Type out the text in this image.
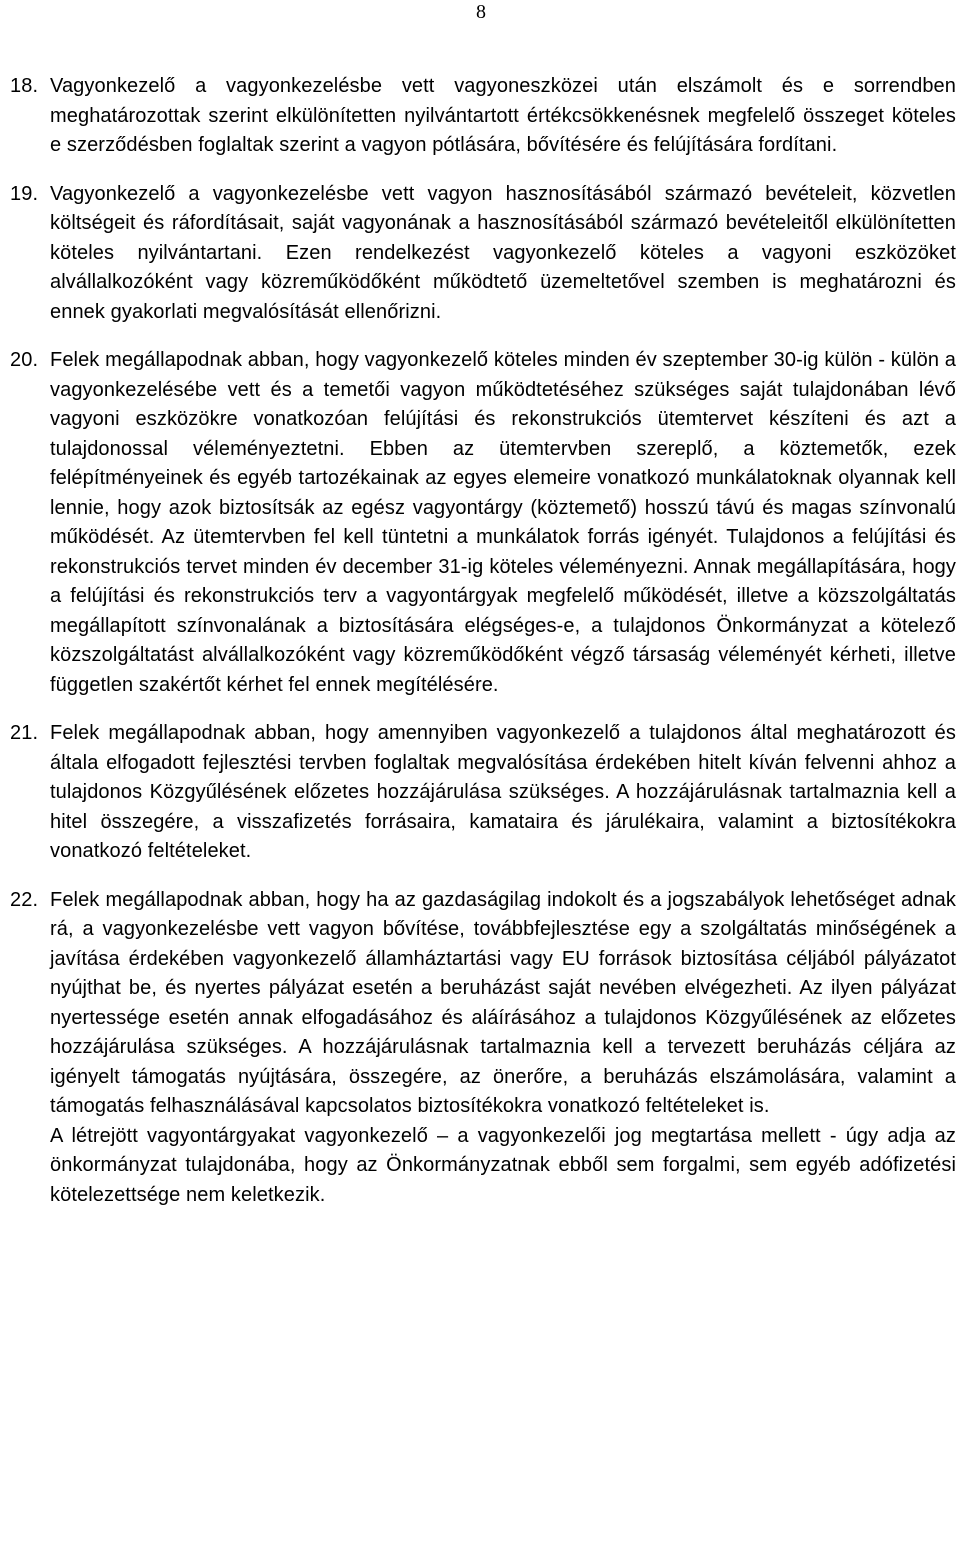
8
18. Vagyonkezelő a vagyonkezelésbe vett vagyoneszközei után elszámolt és e sorrendben meghatározottak szerint elkülönítetten nyilvántartott értékcsökkenésnek megfelelő összeget köteles e szerződésben foglaltak szerint a vagyon pótlására, bővítésére és felújítására fordítani.

19. Vagyonkezelő a vagyonkezelésbe vett vagyon hasznosításából származó bevételeit, közvetlen költségeit és ráfordításait, saját vagyonának a hasznosításából származó bevételeitől elkülönítetten köteles nyilvántartani. Ezen rendelkezést vagyonkezelő köteles a vagyoni eszközöket alvállalkozóként vagy közreműködőként működtető üzemeltetővel szemben is meghatározni és ennek gyakorlati megvalósítását ellenőrizni.

20. Felek megállapodnak abban, hogy vagyonkezelő köteles minden év szeptember 30-ig külön - külön a vagyonkezelésébe vett és a temetői vagyon működtetéséhez szükséges saját tulajdonában lévő vagyoni eszközökre vonatkozóan felújítási és rekonstrukciós ütemtervet készíteni és azt a tulajdonossal véleményeztetni. Ebben az ütemtervben szereplő, a köztemetők, ezek felépítményeinek és egyéb tartozékainak az egyes elemeire vonatkozó munkálatoknak olyannak kell lennie, hogy azok biztosítsák az egész vagyontárgy (köztemető) hosszú távú és magas színvonalú működését. Az ütemtervben fel kell tüntetni a munkálatok forrás igényét. Tulajdonos a felújítási és rekonstrukciós tervet minden év december 31-ig köteles véleményezni. Annak megállapítására, hogy a felújítási és rekonstrukciós terv a vagyontárgyak megfelelő működését, illetve a közszolgáltatás megállapított színvonalának a biztosítására elégséges-e, a tulajdonos Önkormányzat a kötelező közszolgáltatást alvállalkozóként vagy közreműködőként végző társaság véleményét kérheti, illetve független szakértőt kérhet fel ennek megítélésére.

21. Felek megállapodnak abban, hogy amennyiben vagyonkezelő a tulajdonos által meghatározott és általa elfogadott fejlesztési tervben foglaltak megvalósítása érdekében hitelt kíván felvenni ahhoz a tulajdonos Közgyűlésének előzetes hozzájárulása szükséges. A hozzájárulásnak tartalmaznia kell a hitel összegére, a visszafizetés forrásaira, kamataira és járulékaira, valamint a biztosítékokra vonatkozó feltételeket.

22. Felek megállapodnak abban, hogy ha az gazdaságilag indokolt és a jogszabályok lehetőséget adnak rá, a vagyonkezelésbe vett vagyon bővítése, továbbfejlesztése egy a szolgáltatás minőségének a javítása érdekében vagyonkezelő államháztartási vagy EU források biztosítása céljából pályázatot nyújthat be, és nyertes pályázat esetén a beruházást saját nevében elvégezheti. Az ilyen pályázat nyertessége esetén annak elfogadásához és aláírásához a tulajdonos Közgyűlésének az előzetes hozzájárulása szükséges. A hozzájárulásnak tartalmaznia kell a tervezett beruházás céljára az igényelt támogatás nyújtására, összegére, az önerőre, a beruházás elszámolására, valamint a támogatás felhasználásával kapcsolatos biztosítékokra vonatkozó feltételeket is.

A létrejött vagyontárgyakat vagyonkezelő – a vagyonkezelői jog megtartása mellett - úgy adja az önkormányzat tulajdonába, hogy az Önkormányzatnak ebből sem forgalmi, sem egyéb adófizetési kötelezettsége nem keletkezik.
